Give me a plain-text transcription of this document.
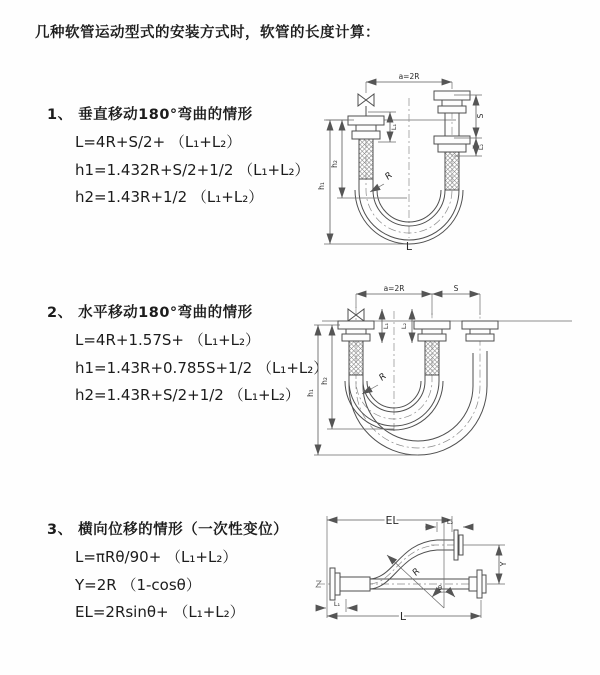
几种软管运动型式的安装方式时，软管的长度计算：

1、 垂直移动180°弯曲的情形

L=4R+S/2+ （L₁+L₂）

h1=1.432R+S/2+1/2 （L₁+L₂）

h2=1.43R+1/2 （L₁+L₂）

2、 水平移动180°弯曲的情形

L=4R+1.57S+ （L₁+L₂）

h1=1.43R+0.785S+1/2 （L₁+L₂）

h2=1.43R+S/2+1/2 （L₁+L₂）

3、 横向位移的情形（一次性变位）

L=πRθ/90+ （L₁+L₂）

Y=2R （1-cosθ）

EL=2Rsinθ+ （L₁+L₂）

a=2R
h₁
h₂
L₁
S
L₂
R
L
a=2R	S
h₁
h₂
L₁ L₂
R
EL	L₂
R
θ
Y
L₁
L
